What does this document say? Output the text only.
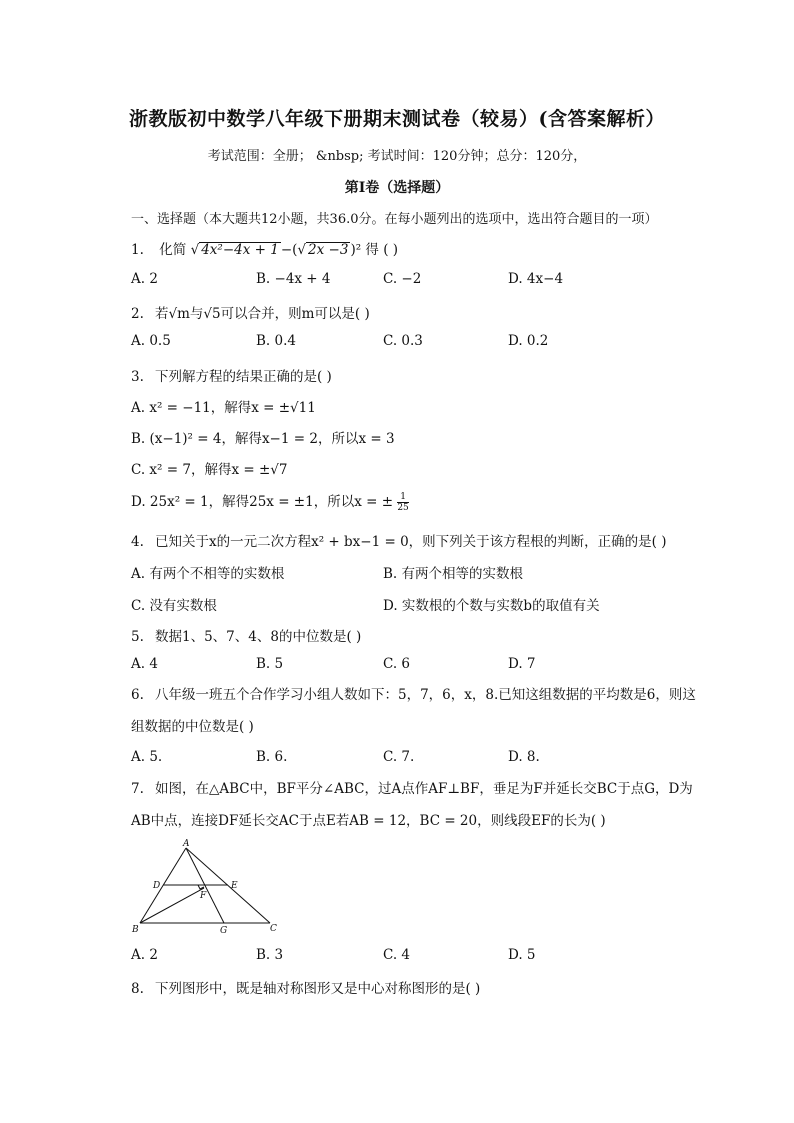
浙教版初中数学八年级下册期末测试卷（较易）(含答案解析）
考试范围：全册； &nbsp; 考试时间：120分钟；总分：120分，
第I卷（选择题）
一、选择题（本大题共12小题，共36.0分。在每小题列出的选项中，选出符合题目的一项）
1. 化简 √ 4x²−4x + 1 −(√ 2x −3 )² 得 ( )
A. 2	B. −4x + 4	C. −2	D. 4x−4
2. 若√m与√5可以合并，则m可以是( )
A. 0.5	B. 0.4	C. 0.3	D. 0.2
3. 下列解方程的结果正确的是( )
A. x² = −11，解得x = ±√11
B. (x−1)² = 4，解得x−1 = 2，所以x = 3
C. x² = 7，解得x = ±√7
D. 25x² = 1，解得25x = ±1，所以x = ± $\frac{1}{25}$
4. 已知关于x的一元二次方程x² + bx−1 = 0，则下列关于该方程根的判断，正确的是( )
A. 有两个不相等的实数根	B. 有两个相等的实数根
C. 没有实数根	D. 实数根的个数与实数b的取值有关
5. 数据1、5、7、4、8的中位数是( )
A. 4	B. 5	C. 6	D. 7
6. 八年级一班五个合作学习小组人数如下：5，7，6，x，8.已知这组数据的平均数是6，则这组数据的中位数是( )
A. 5.	B. 6.	C. 7.	D. 8.
7. 如图，在△ABC中，BF平分∠ABC，过A点作AF⊥BF，垂足为F并延长交BC于点G，D为AB中点，连接DF延长交AC于点E若AB = 12，BC = 20，则线段EF的长为( )
A
D	E
F
B	G	C
A. 2	B. 3	C. 4	D. 5
8. 下列图形中，既是轴对称图形又是中心对称图形的是( )
